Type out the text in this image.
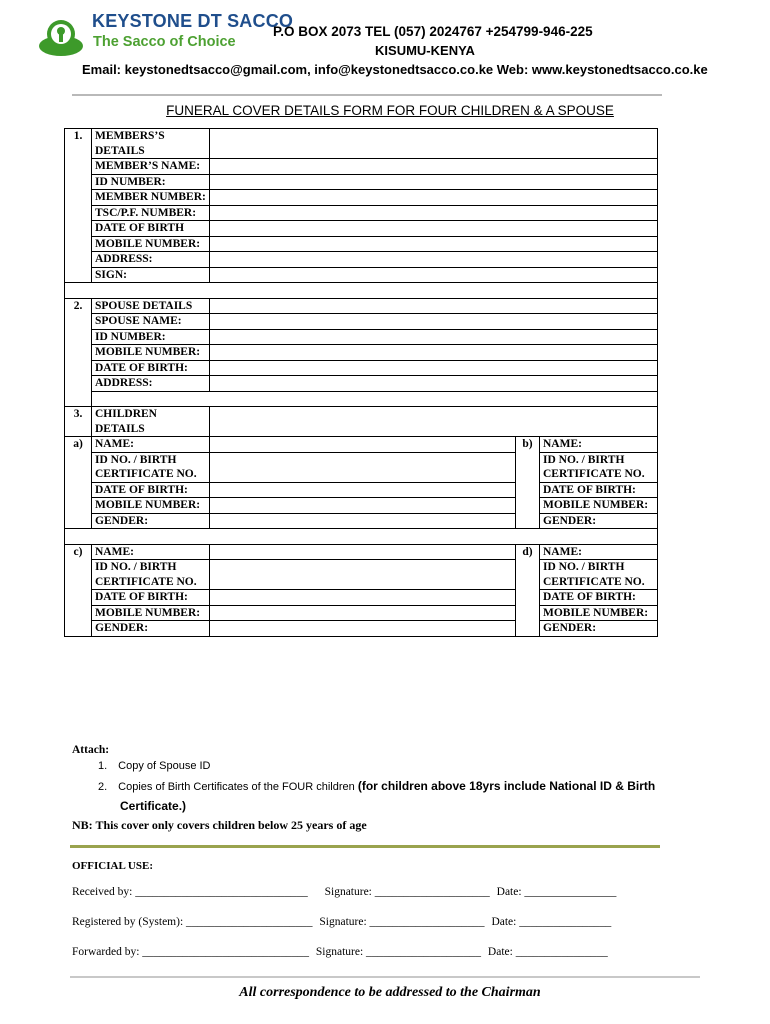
KEYSTONE DT SACCO
The Sacco of Choice
P.O BOX 2073 TEL (057) 2024767 +254799-946-225
KISUMU-KENYA
Email: keystonedtsacco@gmail.com, info@keystonedtsacco.co.ke Web: www.keystonedtsacco.co.ke
FUNERAL COVER DETAILS FORM FOR FOUR CHILDREN & A SPOUSE
1.	MEMBERS’S DETAILS			
	MEMBER’S NAME:			

	ID NUMBER:			
	MEMBER NUMBER:			

	TSC/P.F. NUMBER:			

	DATE OF BIRTH			
	MOBILE NUMBER:			

	ADDRESS:			
	SIGN:			

2.	SPOUSE DETAILS			
	SPOUSE NAME:			
	ID NUMBER:			
	MOBILE NUMBER:			

	DATE OF BIRTH:			
	ADDRESS:			

3.	CHILDREN DETAILS			
a)	NAME:		b)	NAME:
	ID NO. / BIRTH CERTIFICATE NO.			ID NO. / BIRTH CERTIFICATE NO.

	DATE OF BIRTH:			DATE OF BIRTH:
	MOBILE NUMBER:			MOBILE NUMBER:

	GENDER:			GENDER:

c)	NAME:		d)	NAME:
	ID NO. / BIRTH CERTIFICATE NO.			ID NO. / BIRTH CERTIFICATE NO.

	DATE OF BIRTH:			DATE OF BIRTH:
	MOBILE NUMBER:			MOBILE NUMBER:

	GENDER:			GENDER:
Attach:
1. Copy of Spouse ID
2. Copies of Birth Certificates of the FOUR children (for children above 18yrs include National ID & Birth
Certificate.)
NB: This cover only covers children below 25 years of age
OFFICIAL USE:
Received by: ______________________________ Signature: ____________________ Date: ________________
Registered by (System): ______________________ Signature: ____________________ Date: ________________
Forwarded by: _____________________________ Signature: ____________________ Date: ________________
All correspondence to be addressed to the Chairman
